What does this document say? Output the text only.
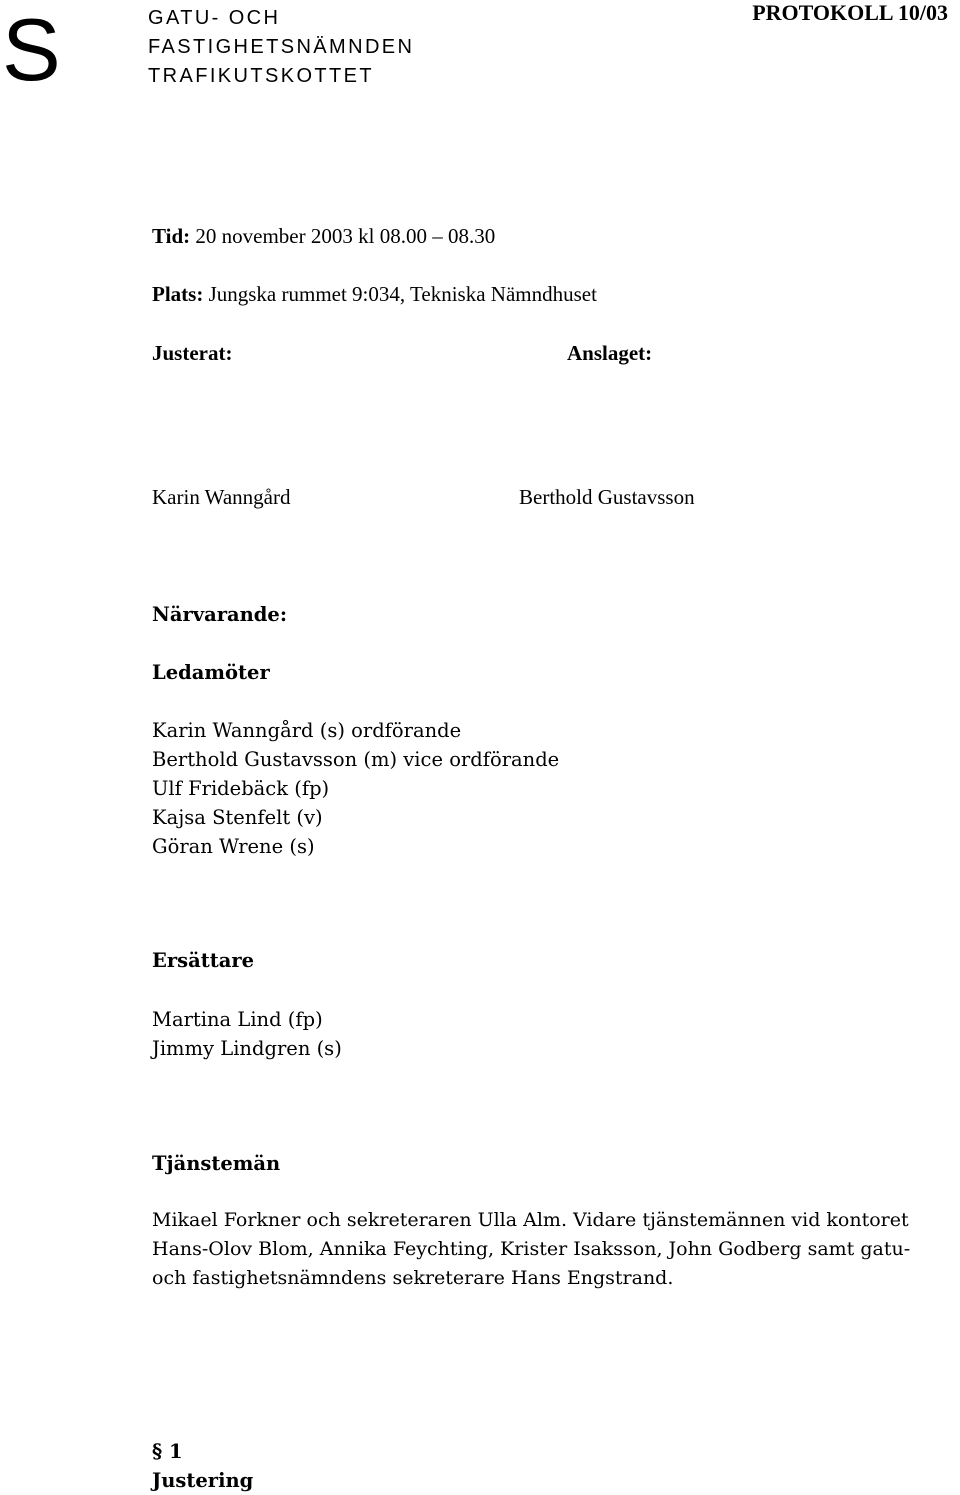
S	GATU- OCH
FASTIGHETSNÄMNDEN
TRAFIKUTSKOTTET
PROTOKOLL 10/03
Tid: 20 november 2003 kl 08.00 – 08.30
Plats: Jungska rummet 9:034, Tekniska Nämndhuset
Justerat:	Anslaget:
Karin Wanngård	Berthold Gustavsson
Närvarande:
Ledamöter
Karin Wanngård (s) ordförande
Berthold Gustavsson (m) vice ordförande
Ulf Fridebäck (fp)
Kajsa Stenfelt (v)
Göran Wrene (s)
Ersättare
Martina Lind (fp)
Jimmy Lindgren (s)
Tjänstemän
Mikael Forkner och sekreteraren Ulla Alm. Vidare tjänstemännen vid kontoret
Hans-Olov Blom, Annika Feychting, Krister Isaksson, John Godberg samt gatu-
och fastighetsnämndens sekreterare Hans Engstrand.
§ 1
Justering
